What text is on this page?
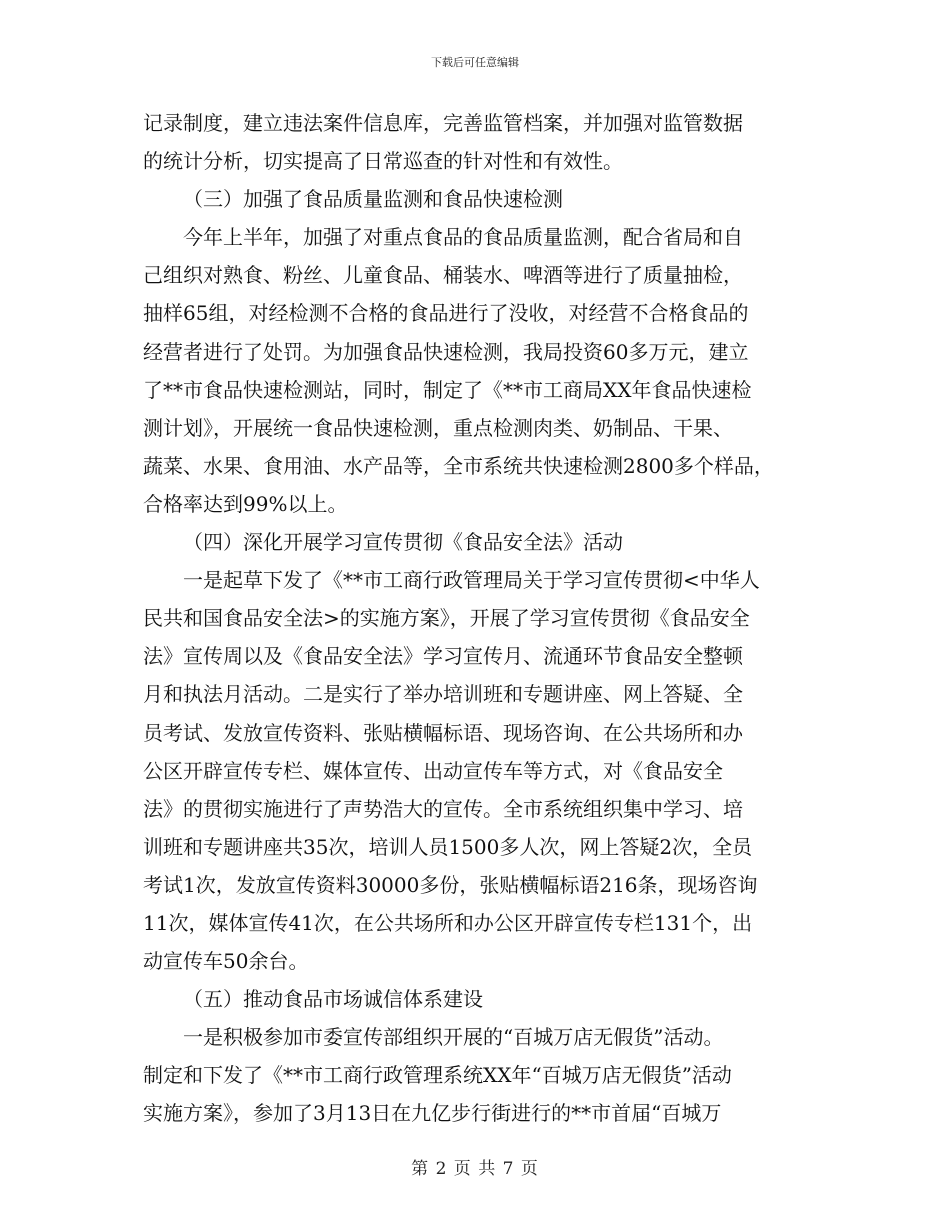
下载后可任意编辑
记录制度，建立违法案件信息库，完善监管档案，并加强对监管数据
的统计分析，切实提高了日常巡查的针对性和有效性。
（三）加强了食品质量监测和食品快速检测
今年上半年，加强了对重点食品的食品质量监测，配合省局和自
己组织对熟食、粉丝、儿童食品、桶装水、啤酒等进行了质量抽检，
抽样65组，对经检测不合格的食品进行了没收，对经营不合格食品的
经营者进行了处罚。为加强食品快速检测，我局投资60多万元，建立
了**市食品快速检测站，同时，制定了《**市工商局XX年食品快速检
测计划》，开展统一食品快速检测，重点检测肉类、奶制品、干果、
蔬菜、水果、食用油、水产品等，全市系统共快速检测2800多个样品，
合格率达到99%以上。
（四）深化开展学习宣传贯彻《食品安全法》活动
一是起草下发了《**市工商行政管理局关于学习宣传贯彻<中华人
民共和国食品安全法>的实施方案》，开展了学习宣传贯彻《食品安全
法》宣传周以及《食品安全法》学习宣传月、流通环节食品安全整顿
月和执法月活动。二是实行了举办培训班和专题讲座、网上答疑、全
员考试、发放宣传资料、张贴横幅标语、现场咨询、在公共场所和办
公区开辟宣传专栏、媒体宣传、出动宣传车等方式，对《食品安全
法》的贯彻实施进行了声势浩大的宣传。全市系统组织集中学习、培
训班和专题讲座共35次，培训人员1500多人次，网上答疑2次，全员
考试1次，发放宣传资料30000多份，张贴横幅标语216条，现场咨询
11次，媒体宣传41次，在公共场所和办公区开辟宣传专栏131个，出
动宣传车50余台。
（五）推动食品市场诚信体系建设
一是积极参加市委宣传部组织开展的“百城万店无假货”活动。
制定和下发了《**市工商行政管理系统XX年“百城万店无假货”活动
实施方案》，参加了3月13日在九亿步行街进行的**市首届“百城万
第 2 页 共 7 页
